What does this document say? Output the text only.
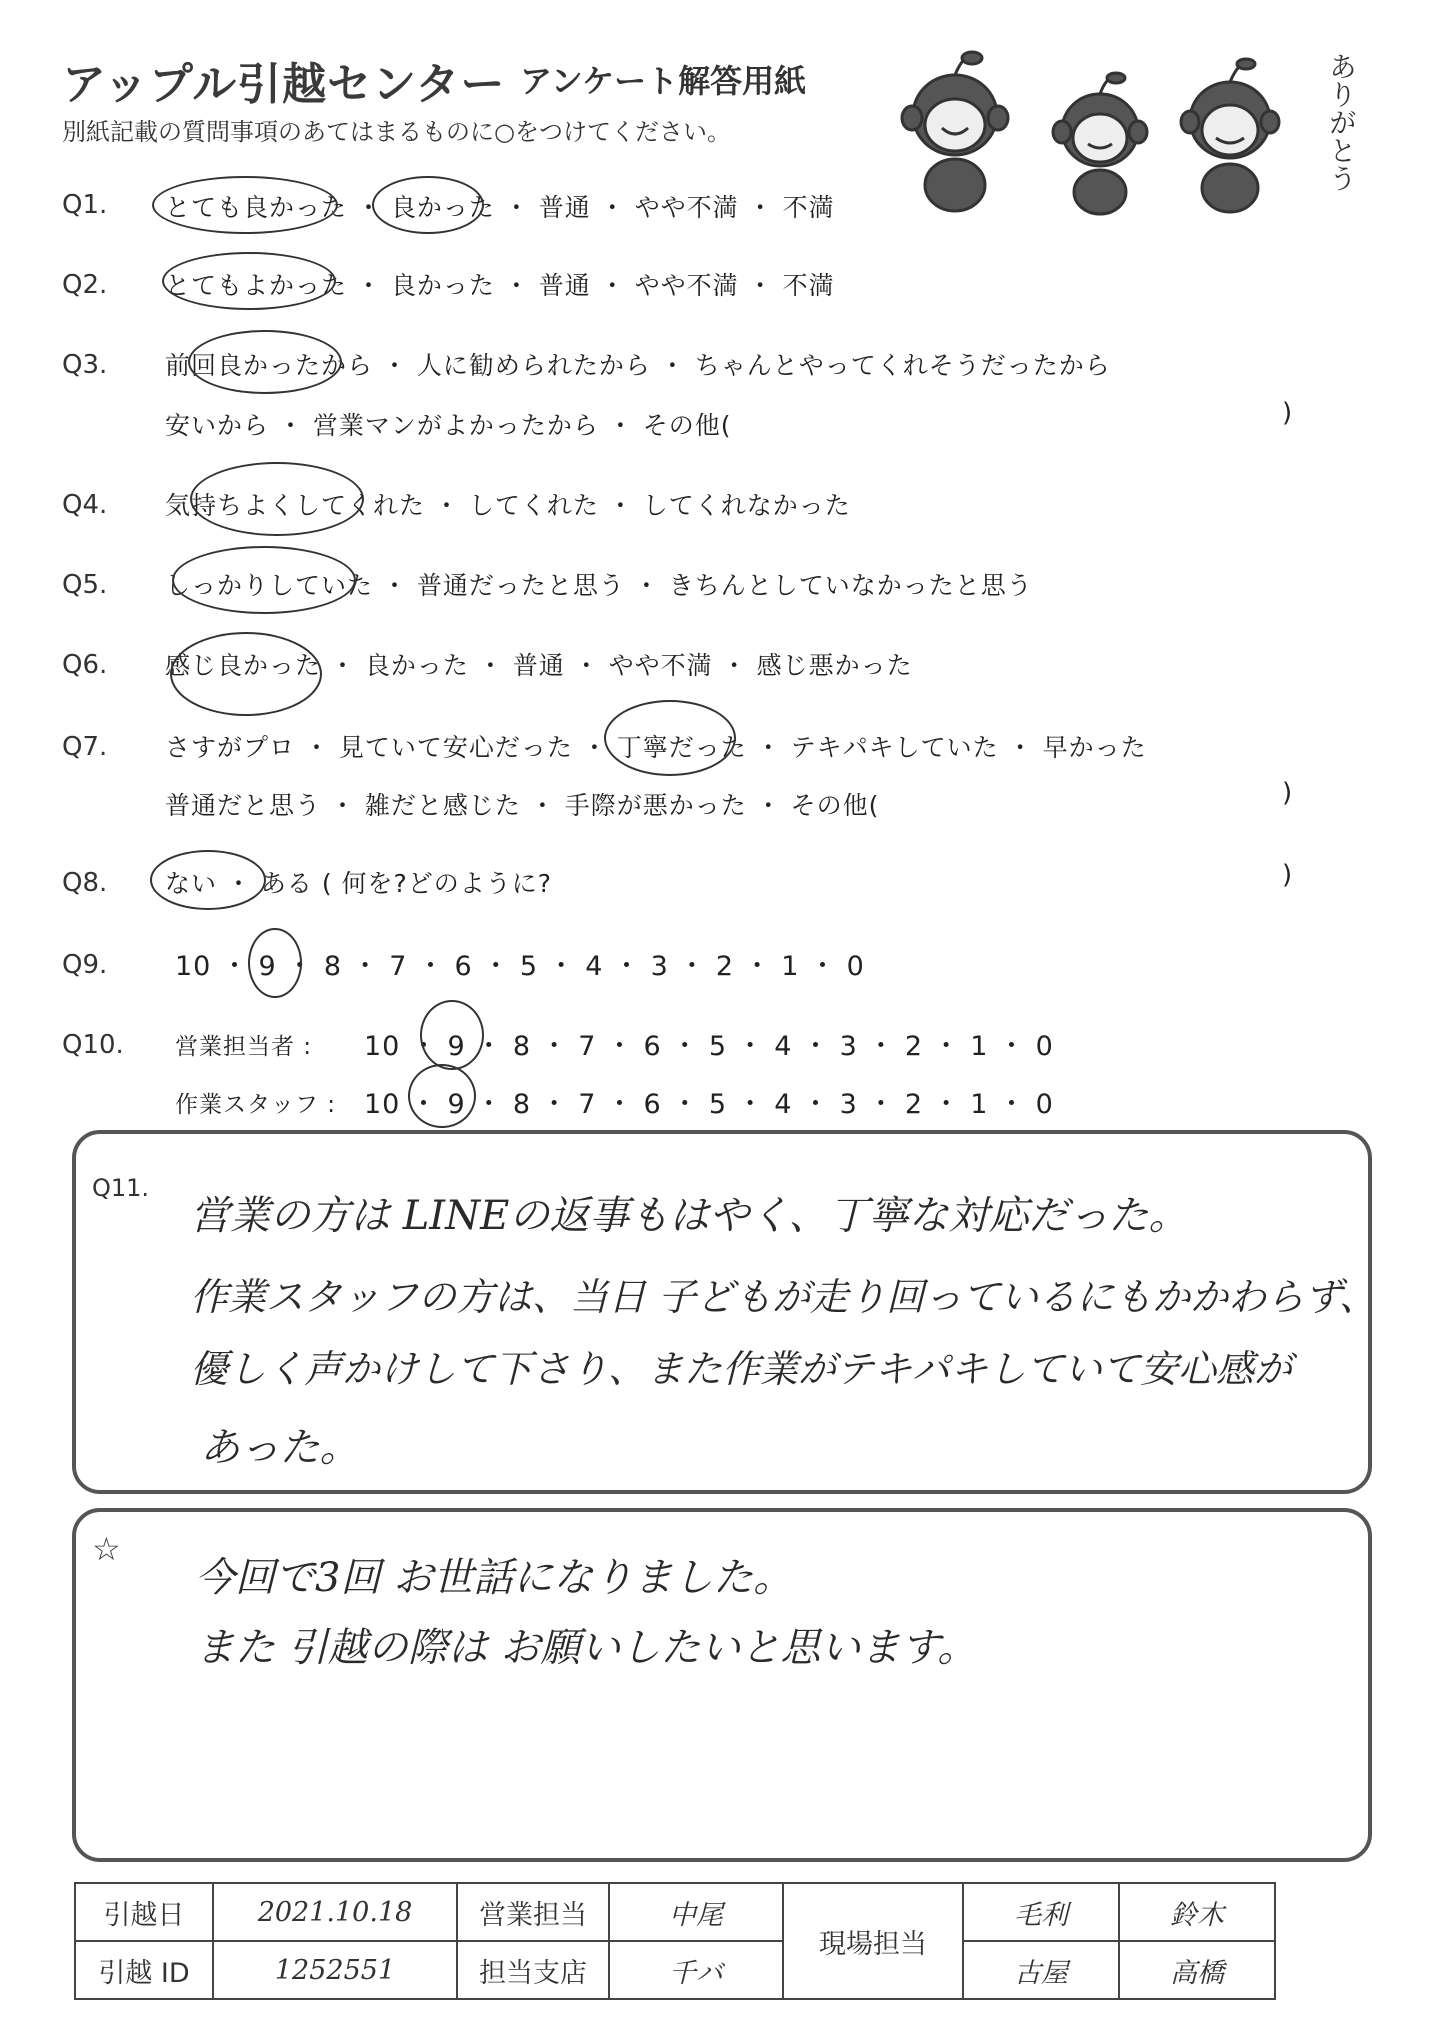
アップル引越センター アンケート解答用紙
別紙記載の質問事項のあてはまるものに○をつけてください。	ありがとう
Q1. とても良かった ・ 良かった ・ 普通 ・ やや不満 ・ 不満
Q2. とてもよかった ・ 良かった ・ 普通 ・ やや不満 ・ 不満
Q3. 前回良かったから ・ 人に勧められたから ・ ちゃんとやってくれそうだったから
安いから ・ 営業マンがよかったから ・ その他(	)
Q4. 気持ちよくしてくれた ・ してくれた ・ してくれなかった
Q5. しっかりしていた ・ 普通だったと思う ・ きちんとしていなかったと思う
Q6. 感じ良かった ・ 良かった ・ 普通 ・ やや不満 ・ 感じ悪かった
Q7. さすがプロ ・ 見ていて安心だった ・ 丁寧だった ・ テキパキしていた ・ 早かった
普通だと思う ・ 雑だと感じた ・ 手際が悪かった ・ その他(	)
Q8. ない ・ ある ( 何を?どのように?	)
Q9.	10 ・ 9 ・ 8 ・ 7 ・ 6 ・ 5 ・ 4 ・ 3 ・ 2 ・ 1 ・ 0
Q10. 営業担当者 : 10 ・ 9 ・ 8 ・ 7 ・ 6 ・ 5 ・ 4 ・ 3 ・ 2 ・ 1 ・ 0
作業スタッフ : 10 ・ 9 ・ 8 ・ 7 ・ 6 ・ 5 ・ 4 ・ 3 ・ 2 ・ 1 ・ 0
Q11.
営業の方は LINEの返事もはやく、丁寧な対応だった。
作業スタッフの方は、当日 子どもが走り回っているにもかかわらず、
優しく声かけして下さり、また作業がテキパキしていて安心感が
あった。
☆
今回で3回 お世話になりました。
また 引越の際は お願いしたいと思います。
引越日	2021.10.18	営業担当	中尾	現場担当	毛利	鈴木
引越 ID	1252551	担当支店	千バ		古屋	高橋
